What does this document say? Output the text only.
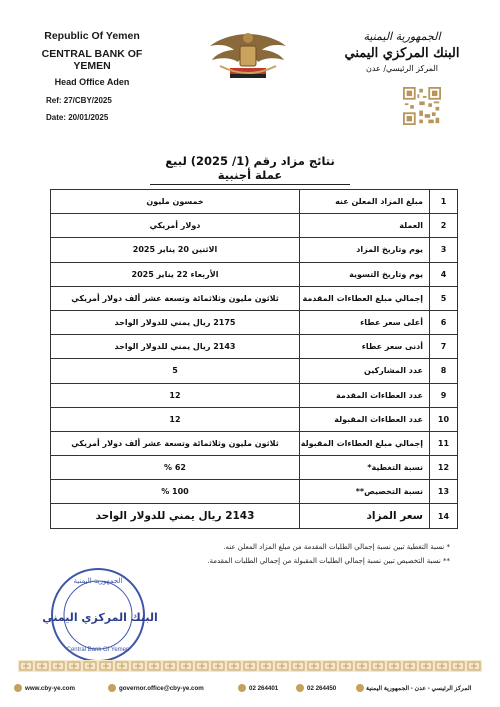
Republic Of Yemen
CENTRAL BANK OF YEMEN
Head Office Aden
Ref: 27/CBY/2025
Date: 20/01/2025
الجمهورية اليمنية
البنك المركزي اليمني
المركز الرئيسي/ عدن
نتائج مزاد رقم (1/ 2025) لبيع عملة أجنبية
خمسون مليون	مبلغ المزاد المعلن عنه	1
دولار أمريكي	العملة	2
الاثنين 20 يناير 2025	يوم وتاريخ المزاد	3
الأربعاء 22 يناير 2025	يوم وتاريخ التسوية	4
ثلاثون مليون وثلاثمائة وتسعة عشر ألف دولار أمريكي	إجمالي مبلغ العطاءات المقدمة	5
2175 ريال يمني للدولار الواحد	أعلى سعر عطاء	6
2143 ريال يمني للدولار الواحد	أدنى سعر عطاء	7
5	عدد المشاركين	8
12	عدد العطاءات المقدمة	9
12	عدد العطاءات المقبولة	10
ثلاثون مليون وثلاثمائة وتسعة عشر ألف دولار أمريكي	إجمالي مبلغ العطاءات المقبولة	11
62 %	نسبة التغطية*	12
100 %	نسبة التخصيص**	13
2143 ريال يمني للدولار الواحد	سعر المزاد	14
* نسبة التغطية تبين نسبة إجمالي الطلبات المقدمة من مبلغ المزاد المعلن عنه.
** نسبة التخصيص تبين نسبة إجمالي الطلبات المقبولة من إجمالي الطلبات المقدمة.
الجمهورية اليمنية
البنك المركزي اليمني
Central Bank Of Yemen
www.cby-ye.com	governor.office@cby-ye.com	02 264401	02 264450	المركز الرئيسي - عدن - الجمهورية اليمنية
